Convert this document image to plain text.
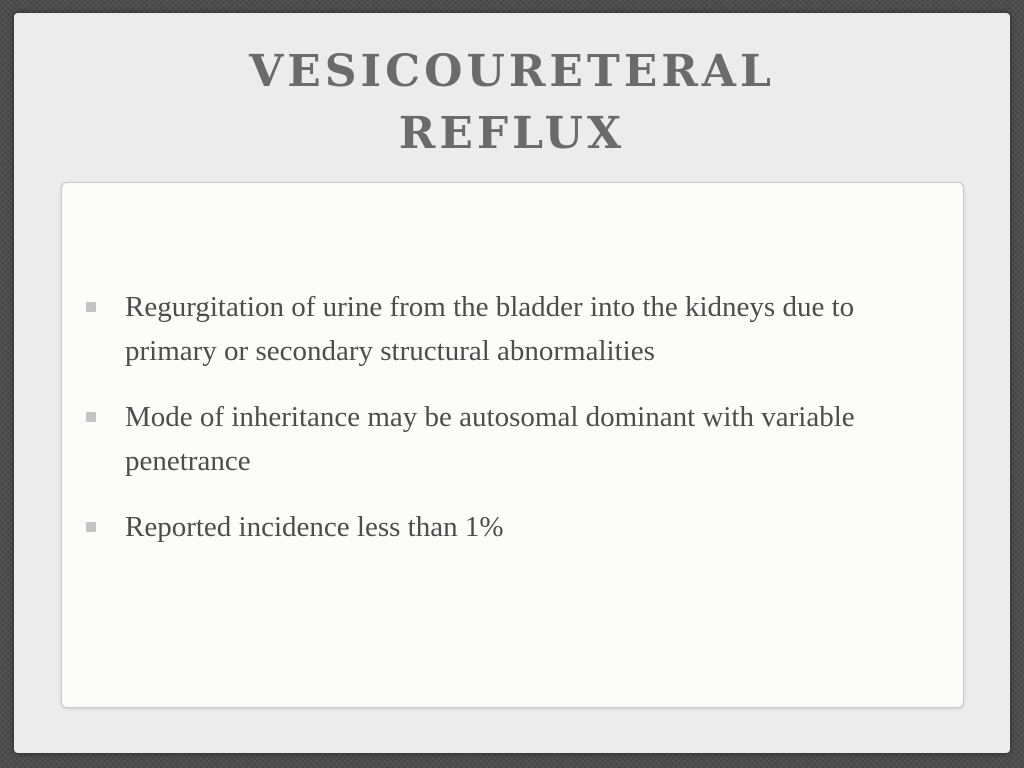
VESICOURETERAL
REFLUX
Regurgitation of urine from the bladder into the kidneys due to primary or secondary structural abnormalities
Mode of inheritance may be autosomal dominant with variable penetrance
Reported incidence less than 1%
